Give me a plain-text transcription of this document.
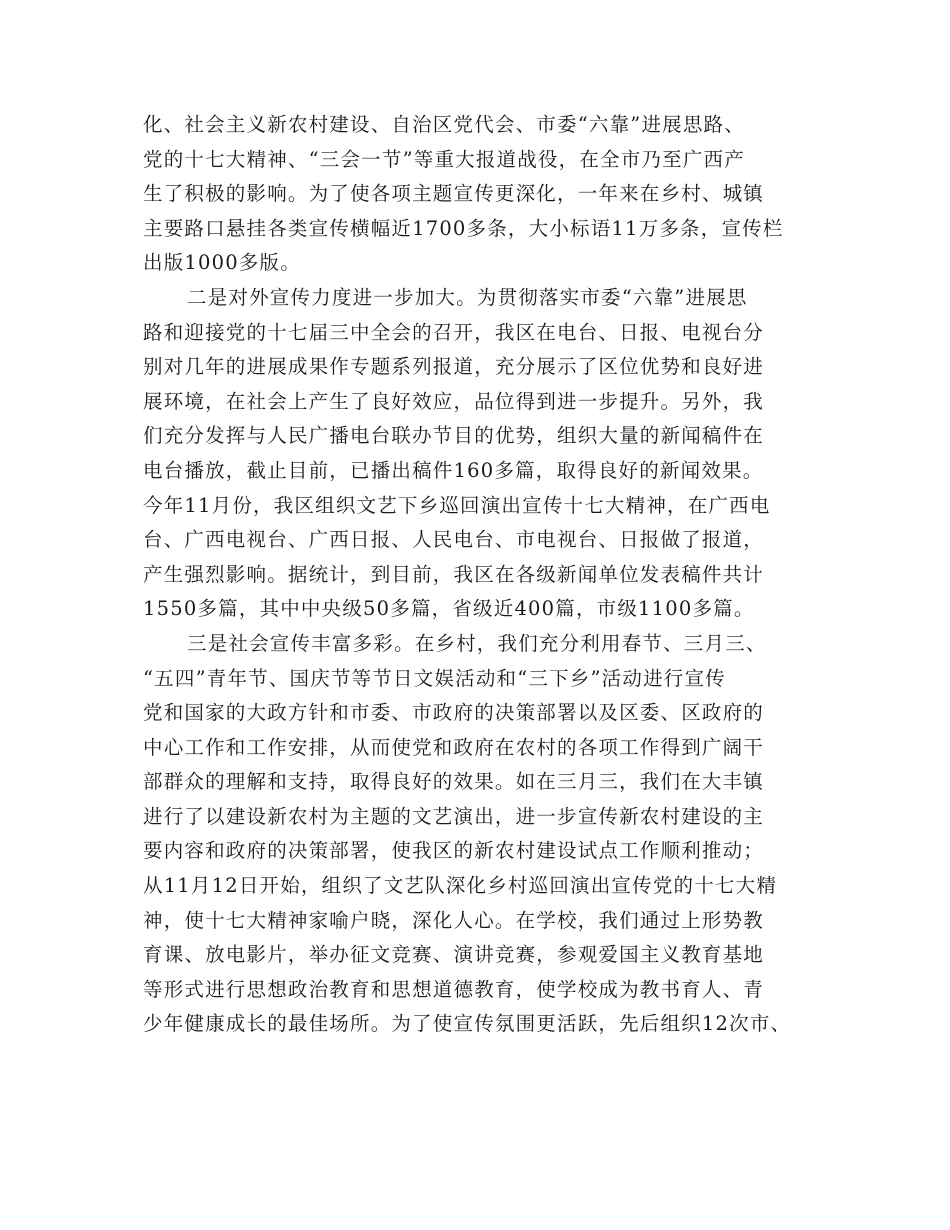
化、社会主义新农村建设、自治区党代会、市委“六靠”进展思路、
党的十七大精神、“三会一节”等重大报道战役，在全市乃至广西产
生了积极的影响。为了使各项主题宣传更深化，一年来在乡村、城镇
主要路口悬挂各类宣传横幅近1700多条，大小标语11万多条，宣传栏
出版1000多版。
二是对外宣传力度进一步加大。为贯彻落实市委“六靠”进展思
路和迎接党的十七届三中全会的召开，我区在电台、日报、电视台分
别对几年的进展成果作专题系列报道，充分展示了区位优势和良好进
展环境，在社会上产生了良好效应，品位得到进一步提升。另外，我
们充分发挥与人民广播电台联办节目的优势，组织大量的新闻稿件在
电台播放，截止目前，已播出稿件160多篇，取得良好的新闻效果。
今年11月份，我区组织文艺下乡巡回演出宣传十七大精神，在广西电
台、广西电视台、广西日报、人民电台、市电视台、日报做了报道，
产生强烈影响。据统计，到目前，我区在各级新闻单位发表稿件共计
1550多篇，其中中央级50多篇，省级近400篇，市级1100多篇。
三是社会宣传丰富多彩。在乡村，我们充分利用春节、三月三、
“五四”青年节、国庆节等节日文娱活动和“三下乡”活动进行宣传
党和国家的大政方针和市委、市政府的决策部署以及区委、区政府的
中心工作和工作安排，从而使党和政府在农村的各项工作得到广阔干
部群众的理解和支持，取得良好的效果。如在三月三，我们在大丰镇
进行了以建设新农村为主题的文艺演出，进一步宣传新农村建设的主
要内容和政府的决策部署，使我区的新农村建设试点工作顺利推动；
从11月12日开始，组织了文艺队深化乡村巡回演出宣传党的十七大精
神，使十七大精神家喻户晓，深化人心。在学校，我们通过上形势教
育课、放电影片，举办征文竞赛、演讲竞赛，参观爱国主义教育基地
等形式进行思想政治教育和思想道德教育，使学校成为教书育人、青
少年健康成长的最佳场所。为了使宣传氛围更活跃，先后组织12次市、
